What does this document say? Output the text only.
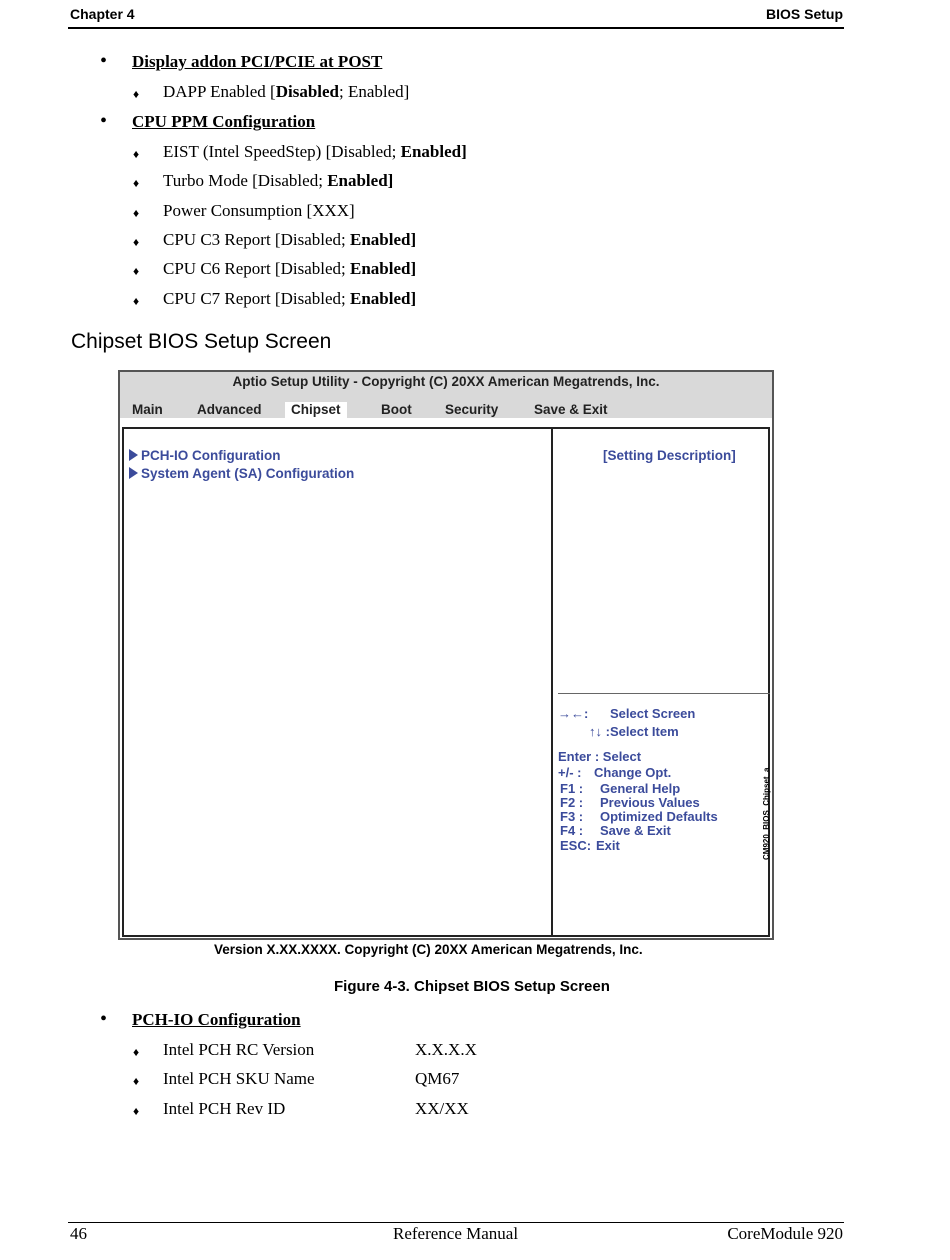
Chapter 4	BIOS Setup
• Display addon PCI/PCIE at POST
♦ DAPP Enabled [Disabled; Enabled]
• CPU PPM Configuration
♦ EIST (Intel SpeedStep) [Disabled; Enabled]
♦ Turbo Mode [Disabled; Enabled]
♦ Power Consumption [XXX]
♦ CPU C3 Report [Disabled; Enabled]
♦ CPU C6 Report [Disabled; Enabled]
♦ CPU C7 Report [Disabled; Enabled]
Chipset BIOS Setup Screen
Aptio Setup Utility - Copyright (C) 20XX American Megatrends, Inc.
Main	Advanced	Chipset	Boot Security	Save & Exit
PCH-IO Configuration
System Agent (SA) Configuration
[Setting Description]
→←: Select Screen
↑↓ :Select Item
Enter : Select
+/- : Change Opt.
F1 : General Help
F2 : Previous Values
F3 : Optimized Defaults
F4 : Save & Exit
ESC: Exit	CM920_BIOS_Chipset_a
Version X.XX.XXXX. Copyright (C) 20XX American Megatrends, Inc.
Figure 4-3. Chipset BIOS Setup Screen
• PCH-IO Configuration
♦ Intel PCH RC Version	X.X.X.X
♦ Intel PCH SKU Name	QM67
♦ Intel PCH Rev ID	XX/XX
46	Reference Manual	CoreModule 920
